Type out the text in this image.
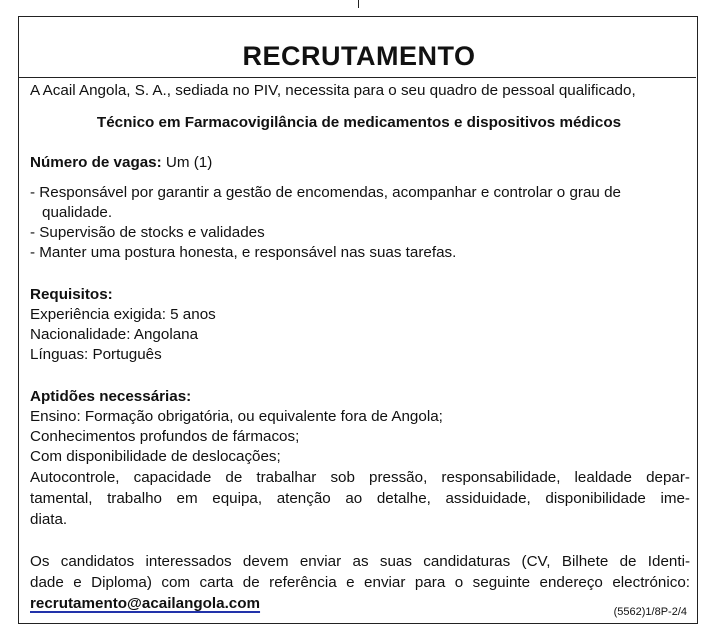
RECRUTAMENTO
A Acail Angola, S. A., sediada no PIV, necessita para o seu quadro de pessoal qualificado,
Técnico em Farmacovigilância de medicamentos e dispositivos médicos
Número de vagas: Um (1)
- Responsável por garantir a gestão de encomendas, acompanhar e controlar o grau de
qualidade.
- Supervisão de stocks e validades
- Manter uma postura honesta, e responsável nas suas tarefas.
Requisitos:
Experiência exigida: 5 anos
Nacionalidade: Angolana
Línguas: Português
Aptidões necessárias:
Ensino: Formação obrigatória, ou equivalente fora de Angola;
Conhecimentos profundos de fármacos;
Com disponibilidade de deslocações;
Autocontrole, capacidade de trabalhar sob pressão, responsabilidade, lealdade depar-
tamental, trabalho em equipa, atenção ao detalhe, assiduidade, disponibilidade ime-
diata.
Os candidatos interessados devem enviar as suas candidaturas (CV, Bilhete de Identi-
dade e Diploma) com carta de referência e enviar para o seguinte endereço electrónico:
recrutamento@acailangola.com	(5562)1/8P-2/4
